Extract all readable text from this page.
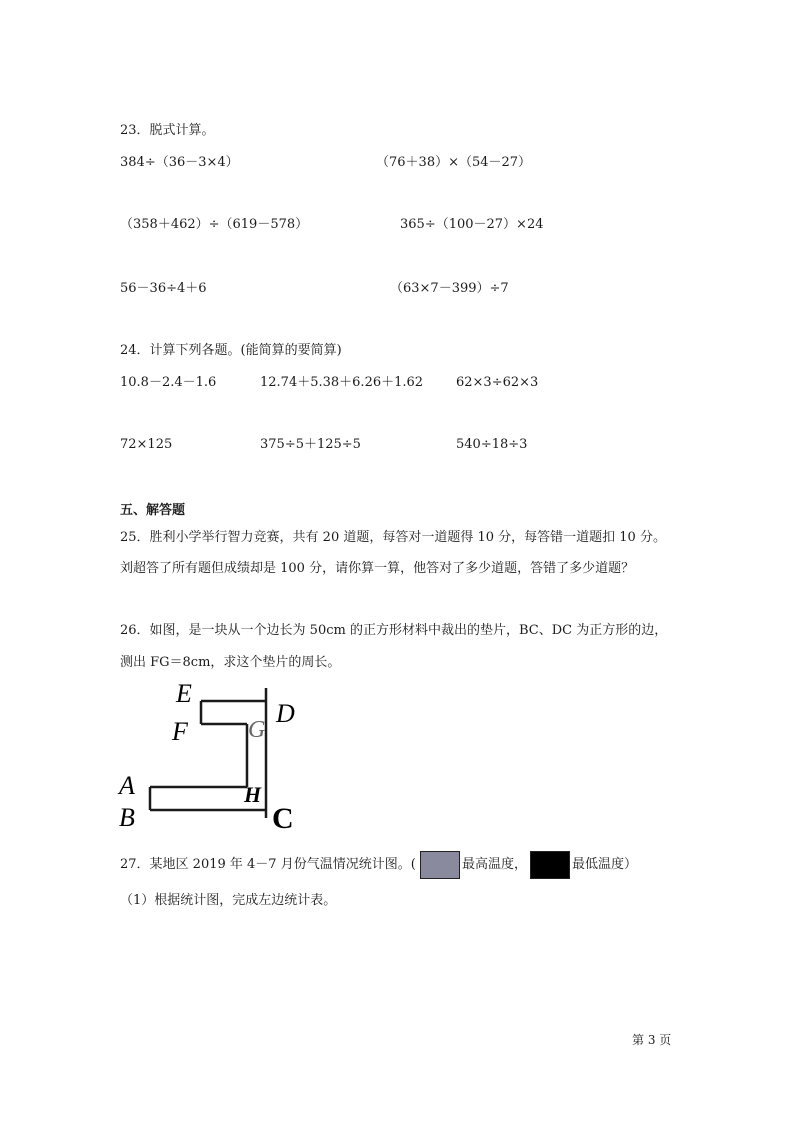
23．脱式计算。
384÷（36－3×4）	（76＋38）×（54－27）
（358＋462）÷（619－578）	365÷（100－27）×24
56－36÷4＋6	（63×7－399）÷7
24．计算下列各题。(能简算的要简算)
10.8－2.4－1.6	12.74＋5.38＋6.26＋1.62	62×3÷62×3
72×125	375÷5＋125÷5	540÷18÷3
五、解答题
25．胜利小学举行智力竞赛，共有 20 道题，每答对一道题得 10 分，每答错一道题扣 10 分。
刘超答了所有题但成绩却是 100 分，请你算一算，他答对了多少道题，答错了多少道题？
26．如图，是一块从一个边长为 50cm 的正方形材料中裁出的垫片，BC、DC 为正方形的边，
测出 FG＝8cm，求这个垫片的周长。
E
F	G
D
A
B
H
C
27．某地区 2019 年 4－7 月份气温情况统计图。(	最高温度，	最低温度）
（1）根据统计图，完成左边统计表。
第 3 页
